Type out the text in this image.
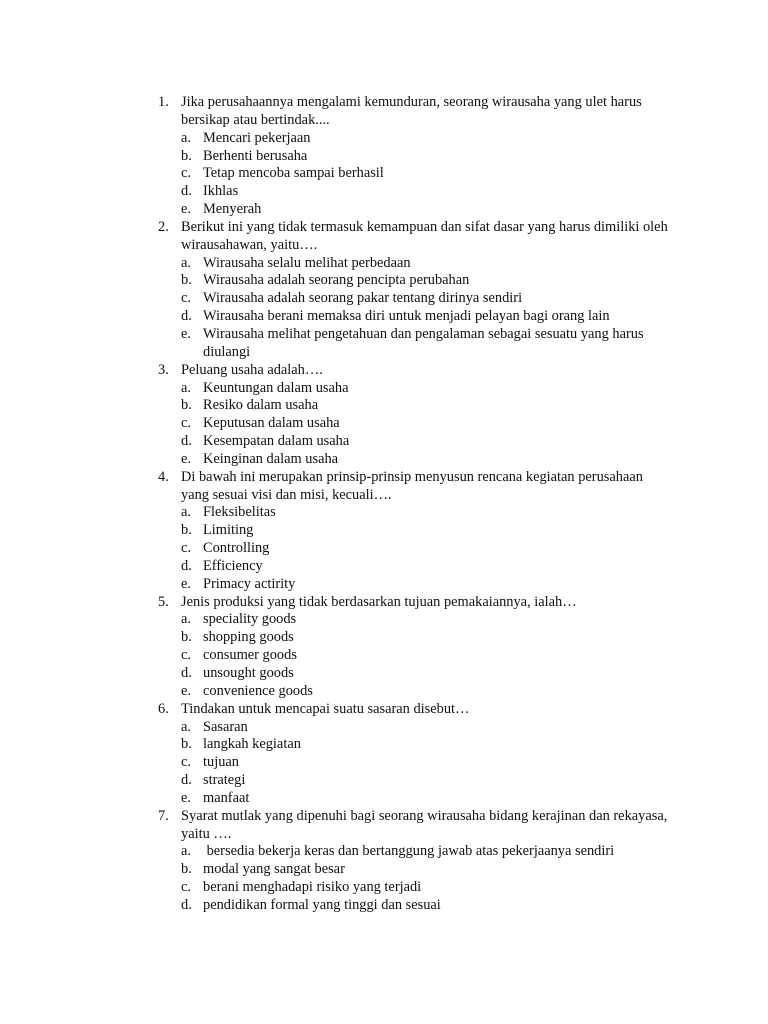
1. Jika perusahaannya mengalami kemunduran, seorang wirausaha yang ulet harus bersikap atau bertindak....
a. Mencari pekerjaan
b. Berhenti berusaha
c. Tetap mencoba sampai berhasil
d. Ikhlas
e. Menyerah
2. Berikut ini yang tidak termasuk kemampuan dan sifat dasar yang harus dimiliki oleh wirausahawan, yaitu….
a. Wirausaha selalu melihat perbedaan
b. Wirausaha adalah seorang pencipta perubahan
c. Wirausaha adalah seorang pakar tentang dirinya sendiri
d. Wirausaha berani memaksa diri untuk menjadi pelayan bagi orang lain
e. Wirausaha melihat pengetahuan dan pengalaman sebagai sesuatu yang harus diulangi
3. Peluang usaha adalah….
a. Keuntungan dalam usaha
b. Resiko dalam usaha
c. Keputusan dalam usaha
d. Kesempatan dalam usaha
e. Keinginan dalam usaha
4. Di bawah ini merupakan prinsip-prinsip menyusun rencana kegiatan perusahaan yang sesuai visi dan misi, kecuali….
a. Fleksibelitas
b. Limiting
c. Controlling
d. Efficiency
e. Primacy actirity
5. Jenis produksi yang tidak berdasarkan tujuan pemakaiannya, ialah…
a. speciality goods
b. shopping goods
c. consumer goods
d. unsought goods
e. convenience goods
6. Tindakan untuk mencapai suatu sasaran disebut…
a. Sasaran
b. langkah kegiatan
c. tujuan
d. strategi
e. manfaat
7. Syarat mutlak yang dipenuhi bagi seorang wirausaha bidang kerajinan dan rekayasa, yaitu ….
a. bersedia bekerja keras dan bertanggung jawab atas pekerjaanya sendiri
b. modal yang sangat besar
c. berani menghadapi risiko yang terjadi
d. pendidikan formal yang tinggi dan sesuai
